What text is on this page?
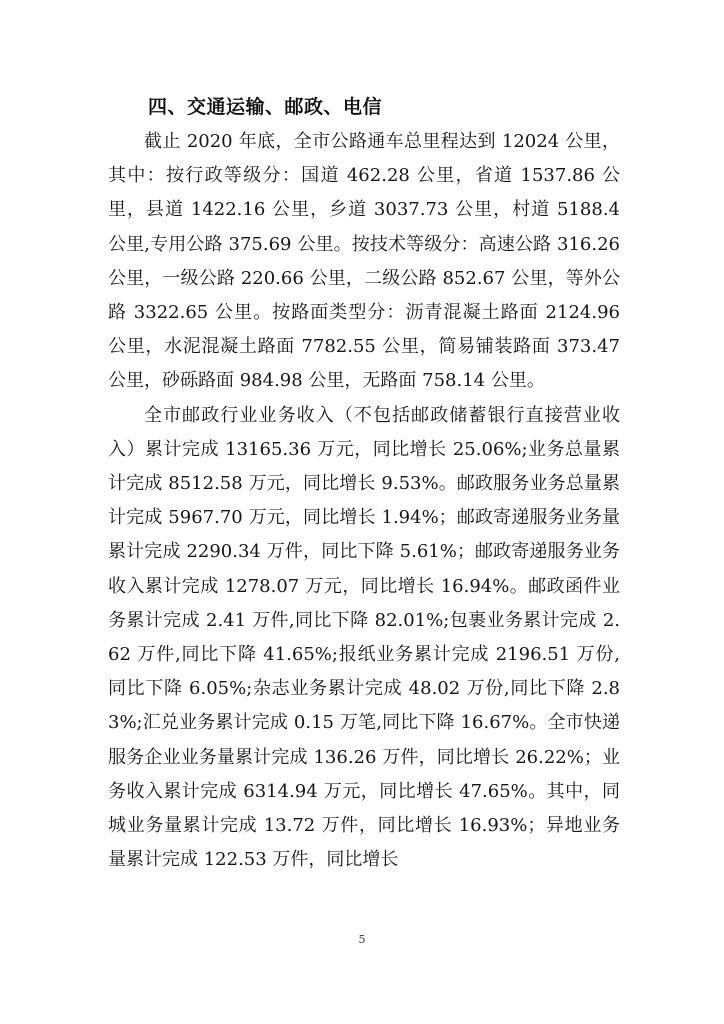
四、交通运输、邮政、电信

截止 2020 年底，全市公路通车总里程达到 12024 公里，其中：按行政等级分：国道 462.28 公里，省道 1537.86 公里，县道 1422.16 公里，乡道 3037.73 公里，村道 5188.4 公里,专用公路 375.69 公里。按技术等级分：高速公路 316.26 公里，一级公路 220.66 公里，二级公路 852.67 公里，等外公路 3322.65 公里。按路面类型分：沥青混凝土路面 2124.96 公里，水泥混凝土路面 7782.55 公里，简易铺装路面 373.47 公里，砂砾路面 984.98 公里，无路面 758.14 公里。

全市邮政行业业务收入（不包括邮政储蓄银行直接营业收入）累计完成 13165.36 万元，同比增长 25.06%;业务总量累计完成 8512.58 万元，同比增长 9.53%。邮政服务业务总量累计完成 5967.70 万元，同比增长 1.94%；邮政寄递服务业务量累计完成 2290.34 万件，同比下降 5.61%；邮政寄递服务业务收入累计完成 1278.07 万元，同比增长 16.94%。邮政函件业务累计完成 2.41 万件,同比下降 82.01%;包裹业务累计完成 2.62 万件,同比下降 41.65%;报纸业务累计完成 2196.51 万份,同比下降 6.05%;杂志业务累计完成 48.02 万份,同比下降 2.83%;汇兑业务累计完成 0.15 万笔,同比下降 16.67%。全市快递服务企业业务量累计完成 136.26 万件，同比增长 26.22%；业务收入累计完成 6314.94 万元，同比增长 47.65%。其中，同城业务量累计完成 13.72 万件，同比增长 16.93%；异地业务量累计完成 122.53 万件，同比增长

5
